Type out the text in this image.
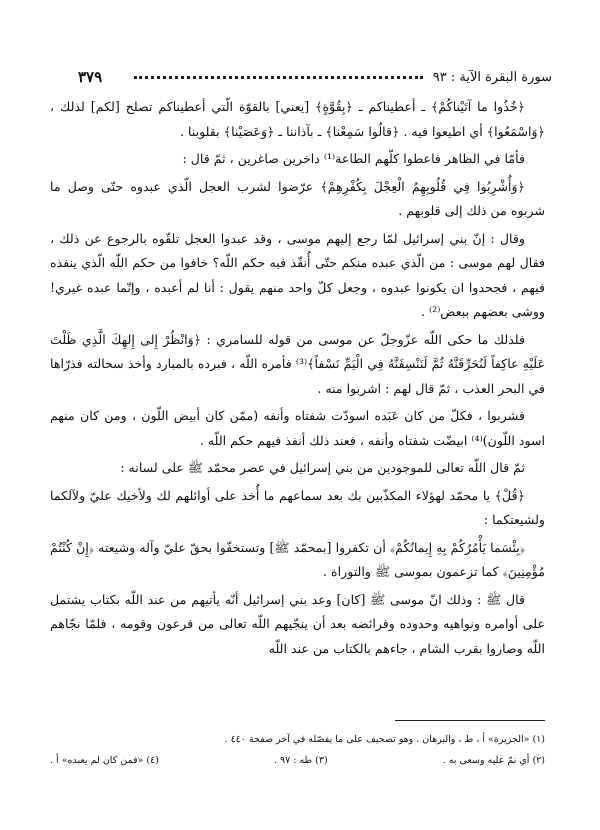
٣٧٩	سورة البقرة الآية : ٩٣

﴿خُذُوا ما آتَيْناكُمْ﴾ ـ أعطيناكم ـ ﴿بِقُوَّةٍ﴾ [يعني] بالقوّة الّتي أعطيناكم تصلح [لكم] لذلك ، ﴿وَاسْمَعُوا﴾ أي اطيعوا فيه . ﴿قالُوا سَمِعْنا﴾ ـ بآذاننا ـ ﴿وَعَصَيْنا﴾ بقلوبنا .

فأمّا في الظاهر فاعطوا كلّهم الطاعة⁽¹⁾ داخرين صاغرين ، ثمّ قال :

﴿وَأُشْرِبُوا فِي قُلُوبِهِمُ الْعِجْلَ بِكُفْرِهِمْ﴾ عرّضوا لشرب العجل الّذي عبدوه حتّى وصل ما شربوه من ذلك إلى قلوبهم .

وقال : إنّ بني إسرائيل لمّا رجع إليهم موسى ، وقد عبدوا العجل تلقّوه بالرجوع عن ذلك ، فقال لهم موسى : من الّذي عبده منكم حتّى أُنفّذ فيه حكم اللّه؟ خافوا من حكم اللّه الّذي ينفذه فيهم ، فجحدوا ان يكونوا عبدوه ، وجعل كلّ واحد منهم يقول : أنا لم أعبده ، وإنّما عبده غيري! ووشى بعضهم ببعض⁽²⁾ .

فلذلك ما حكى اللّه عزّوجلّ عن موسى من قوله للسامري : ﴿وَانْظُرْ إِلى إِلهِكَ الَّذِي ظَلْتَ عَلَيْهِ عاكِفاً لَنُحَرِّقَنَّهُ ثُمَّ لَنَنْسِفَنَّهُ فِي الْيَمِّ نَسْفاً﴾⁽³⁾ فأمره اللّه ، فبرده بالمبارد وأخذ سحالته فذرّاها في البحر العذب ، ثمّ قال لهم : اشربوا منه .

فشربوا ، فكلّ من كان عَبَده اسودّت شفتاه وأنفه (ممّن كان أبيض اللّون ، ومن كان منهم اسود اللّون)⁽⁴⁾ ابيضّت شفتاه وأنفه ، فعند ذلك أنفذ فيهم حكم اللّه .

ثمّ قال اللّه تعالى للموجودين من بني إسرائيل في عصر محمّد ﷺ على لسانه :

﴿قُلْ﴾ يا محمّد لهؤلاء المكذّبين بك بعد سماعهم ما أُخذ على أوائلهم لك ولأخيك عليّ ولآلكما ولشيعتكما :

﴿بِئْسَما يَأْمُرُكُمْ بِهِ إِيمانُكُمْ﴾ أن تكفروا [بمحمّد ﷺ] وتستخفّوا بحقّ عليّ وآله وشيعته ﴿إِنْ كُنْتُمْ مُؤْمِنِينَ﴾ كما تزعمون بموسى ﷺ والتوراة .

قال ﷺ : وذلك انّ موسى ﷺ [كان] وعد بني إسرائيل أنّه يأتيهم من عند اللّه بكتاب يشتمل على أوامره ونواهيه وحدوده وفرائضه بعد أن ينجّيهم اللّه تعالى من فرعون وقومه ، فلمّا نجّاهم اللّه وصاروا بقرب الشام ، جاءهم بالكتاب من عند اللّه

(١) «الجزيرة» أ ، ط ، والبرهان . وهو تصحيف على ما يفصّله في آخر صفحة ٤٤٠ .
(٢) أي نمّ عليه وسعى به .
(٣) طه : ٩٧ .
(٤) «فمن كان لم يعبده» أ .
